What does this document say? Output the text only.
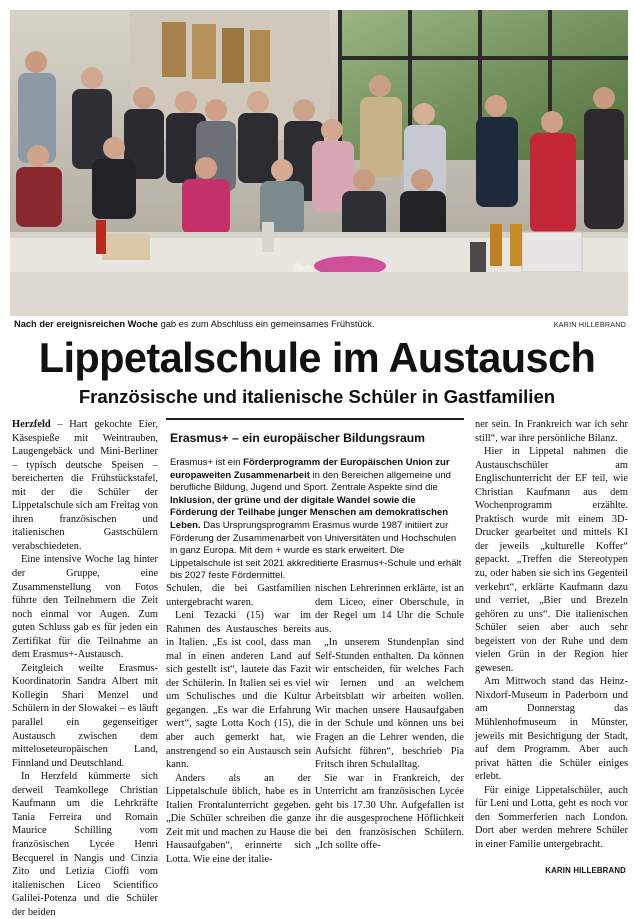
Nach der ereignisreichen Woche gab es zum Abschluss ein gemeinsames Frühstück.	KARIN HILLEBRAND
Lippetalschule im Austausch
Französische und italienische Schüler in Gastfamilien

Herzfeld – Hart gekochte Eier, Käsespieße mit Weintrauben, Laugengebäck und Mini-Berliner – typisch deutsche Speisen – bereicherten die Frühstückstafel, mit der die Schüler der Lippetalschule sich am Freitag von ihren französischen und italienischen Gastschülern verabschiedeten.

Eine intensive Woche lag hinter der Gruppe, eine Zusammenstellung von Fotos führte den Teilnehmern die Zeit noch einmal vor Augen. Zum guten Schluss gab es für jeden ein Zertifikat für die Teilnahme an dem Erasmus+-Austausch.

Zeitgleich weilte Erasmus-Koordinatorin Sandra Albert mit Kollegin Shari Menzel und Schülern in der Slowakei – es läuft parallel ein gegenseitiger Austausch zwischen dem mitteloseteuropäischen Land, Finnland und Deutschland.

In Herzfeld kümmerte sich derweil Teamkollege Christian Kaufmann um die Lehrkräfte Tania Ferreira und Romain Maurice Schilling vom französischen Lycée Henri Becquerel in Nangis und Cinzia Zito und Letizia Cioffi vom italienischen Liceo Scientifico Galilei-Potenza und die Schüler der beiden

Erasmus+ – ein europäischer Bildungsraum
Erasmus+ ist ein Förderprogramm der Europäischen Union zur europaweiten Zusammenarbeit in den Bereichen allgemeine und berufliche Bildung, Jugend und Sport. Zentrale Aspekte sind die Inklusion, der grüne und der digitale Wandel sowie die Förderung der Teilhabe junger Menschen am demokratischen Leben. Das Ursprungsprogramm Erasmus wurde 1987 initiiert zur Förderung der Zusammenarbeit von Universitäten und Hochschulen in ganz Europa. Mit dem + wurde es stark erweitert. Die Lippetalschule ist seit 2021 akkreditierte Erasmus+-Schule und erhält bis 2027 feste Fördermittel.

Schulen, die bei Gastfamilien untergebracht waren.

Leni Tezacki (15) war im Rahmen des Austausches bereits in Italien. „Es ist cool, dass man mal in einen anderen Land auf sich gestellt ist“, lautete das Fazit der Schülerin. In Italien sei es viel um Schulisches und die Kultur gegangen. „Es war die Erfahrung wert“, sagte Lotta Koch (15), die aber auch gemerkt hat, wie anstrengend so ein Austausch sein kann.

Anders als an der Lippetalschule üblich, habe es in Italien Frontalunterricht gegeben. „Die Schüler schreiben die ganze Zeit mit und machen zu Hause die Hausaufgaben“, erinnerte sich Lotta. Wie eine der italie-

nischen Lehrerinnen erklärte, ist an dem Liceo, einer Oberschule, in der Regel um 14 Uhr die Schule aus.

„In unserem Stundenplan sind Self-Stunden enthalten. Da können wir entscheiden, für welches Fach wir lernen und an welchem Arbeitsblatt wir arbeiten wollen. Wir machen unsere Hausaufgaben in der Schule und können uns bei Fragen an die Lehrer wenden, die Aufsicht führen“, beschrieb Pia Fritsch ihren Schulalltag.

Sie war in Frankreich, der Unterricht am französischen Lycée geht bis 17.30 Uhr. Aufgefallen ist ihr die ausgesprochene Höflichkeit bei den französischen Schülern. „Ich sollte offe-

ner sein. In Frankreich war ich sehr still“, war ihre persönliche Bilanz.

Hier in Lippetal nahmen die Austauschschüler am Englischunterricht der EF teil, wie Christian Kaufmann aus dem Wochenprogramm erzählte. Praktisch wurde mit einem 3D-Drucker gearbeitet und mittels KI der jeweils „kulturelle Koffer“ gepackt. „Treffen die Stereotypen zu, oder haben sie sich ins Gegenteil verkehrt“, erklärte Kaufmann dazu und verriet, „Bier und Brezeln gehören zu uns“. Die italienischen Schüler seien aber auch sehr begeistert von der Ruhe und dem vielen Grün in der Region hier gewesen.

Am Mittwoch stand das Heinz-Nixdorf-Museum in Paderborn und am Donnerstag das Mühlenhofmuseum in Münster, jeweils mit Besichtigung der Stadt, auf dem Programm. Aber auch privat hätten die Schüler einiges erlebt.

Für einige Lippetalschüler, auch für Leni und Lotta, geht es noch vor den Sommerferien nach London. Dort aber werden mehrere Schüler in einer Familie untergebracht.

KARIN HILLEBRAND
